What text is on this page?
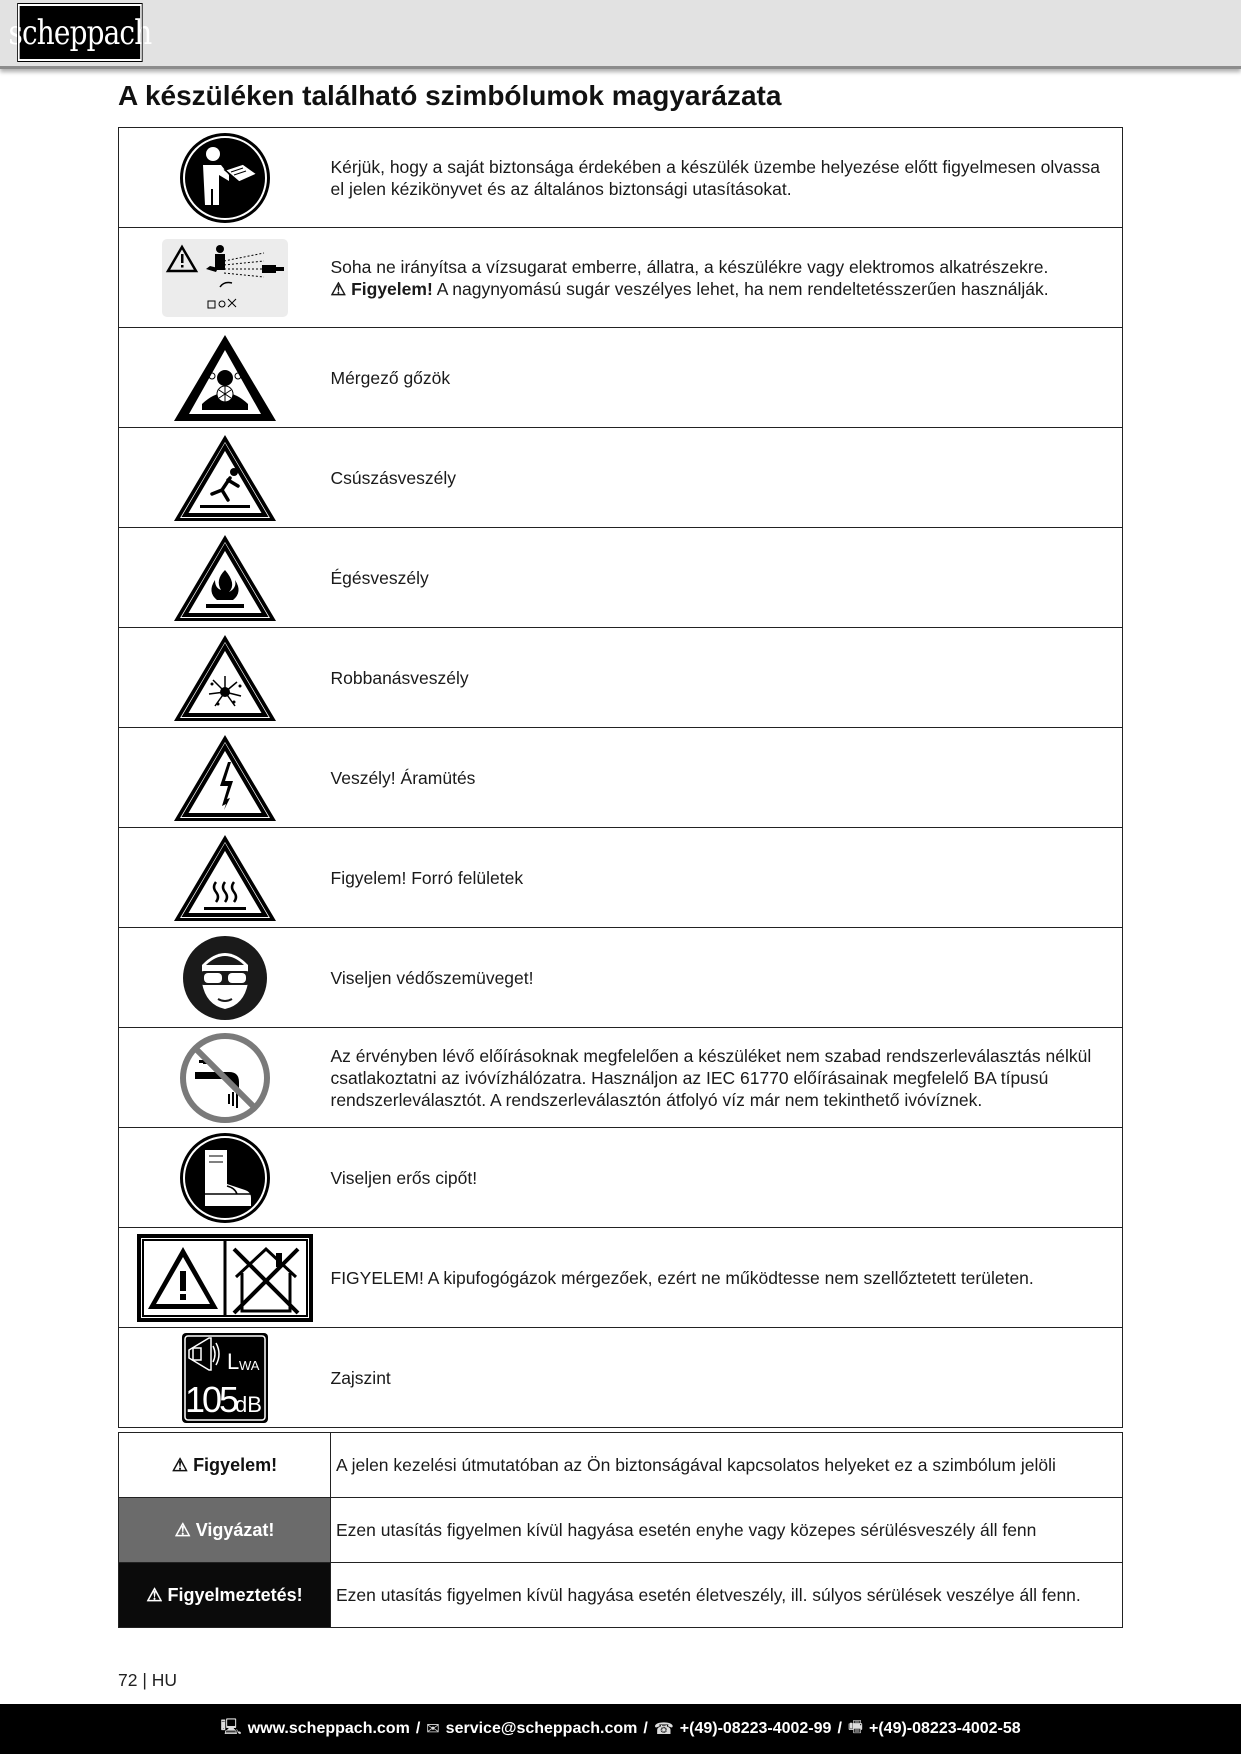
scheppach
A készüléken található szimbólumok magyarázata
	Kérjük, hogy a saját biztonsága érdekében a készülék üzembe helyezése előtt figyelmesen olvassa el jelen kézikönyvet és az általános biztonsági utasításokat.

Soha ne irányítsa a vízsugarat emberre, állatra, a készülékre vagy elektromos alkatrészekre.
⚠ Figyelem! A nagynyomású sugár veszélyes lehet, ha nem rendeltetésszerűen használják.

	Mérgező gőzök

	Csúszásveszély

	Égésveszély

	Robbanásveszély

	Veszély! Áramütés

	Figyelem! Forró felületek

	Viseljen védőszemüveget!

	Az érvényben lévő előírásoknak megfelelően a készüléket nem szabad rendszerleválasztás nélkül csatlakoztatni az ivóvízhálózatra. Használjon az IEC 61770 előírásainak megfelelő BA típusú rendszerleválasztót. A rendszerleválasztón átfolyó víz már nem tekinthető ivóvíznek.

	Viseljen erős cipőt!

	FIGYELEM! A kipufogógázok mérgezőek, ezért ne működtesse nem szellőztetett területen.

L WA
105
dB	Zajszint
⚠ Figyelem!	A jelen kezelési útmutatóban az Ön biztonságával kapcsolatos helyeket ez a szimbólum jelöli
⚠ Vigyázat!	Ezen utasítás figyelmen kívül hagyása esetén enyhe vagy közepes sérülésveszély áll fenn
⚠ Figyelmeztetés!	Ezen utasítás figyelmen kívül hagyása esetén életveszély, ill. súlyos sérülések veszélye áll fenn.
72 | HU
🖳 www.scheppach.com / ✉ service@scheppach.com / ☎ +(49)-08223-4002-99 / 🖷 +(49)-08223-4002-58
